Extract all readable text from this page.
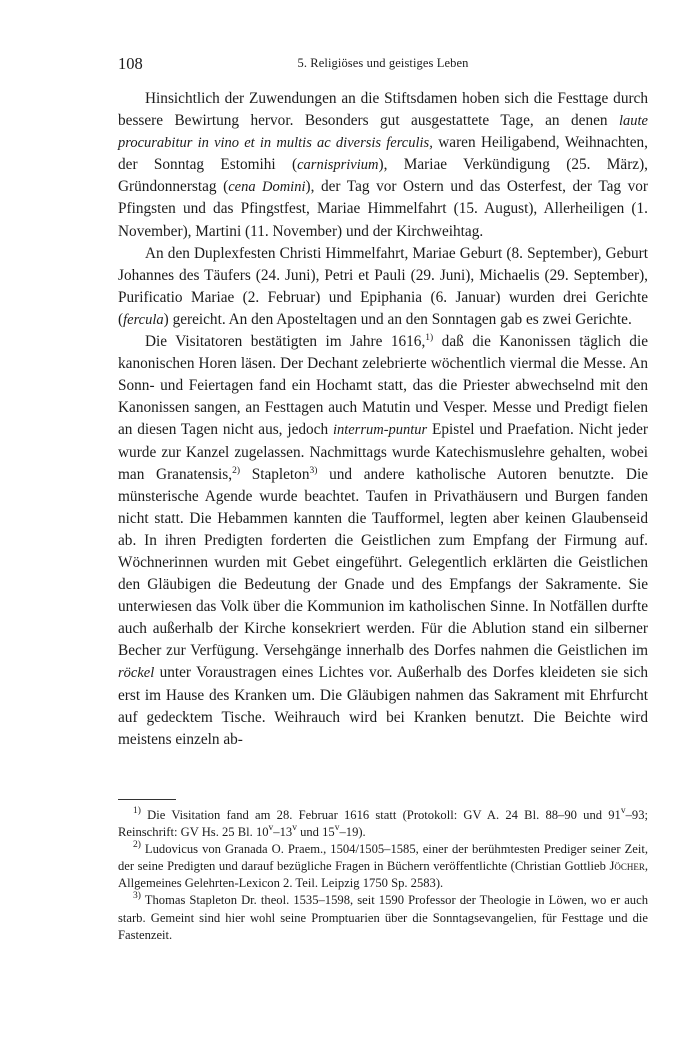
108	5. Religiöses und geistiges Leben

Hinsichtlich der Zuwendungen an die Stiftsdamen hoben sich die Festtage durch bessere Bewirtung hervor. Besonders gut ausgestattete Tage, an denen laute procurabitur in vino et in multis ac diversis ferculis, waren Heiligabend, Weihnachten, der Sonntag Estomihi (carnisprivium), Mariae Verkündigung (25. März), Gründonnerstag (cena Domini), der Tag vor Ostern und das Osterfest, der Tag vor Pfingsten und das Pfingstfest, Mariae Himmelfahrt (15. August), Allerheiligen (1. November), Martini (11. November) und der Kirchweihtag.

An den Duplexfesten Christi Himmelfahrt, Mariae Geburt (8. September), Geburt Johannes des Täufers (24. Juni), Petri et Pauli (29. Juni), Michaelis (29. September), Purificatio Mariae (2. Februar) und Epiphania (6. Januar) wurden drei Gerichte (fercula) gereicht. An den Aposteltagen und an den Sonntagen gab es zwei Gerichte.

Die Visitatoren bestätigten im Jahre 1616,$^{1)}$ daß die Kanonissen täglich die kanonischen Horen läsen. Der Dechant zelebrierte wöchentlich viermal die Messe. An Sonn- und Feiertagen fand ein Hochamt statt, das die Priester abwechselnd mit den Kanonissen sangen, an Festtagen auch Matutin und Vesper. Messe und Predigt fielen an diesen Tagen nicht aus, jedoch interrum-puntur Epistel und Praefation. Nicht jeder wurde zur Kanzel zugelassen. Nachmittags wurde Katechismuslehre gehalten, wobei man Granatensis,$^{2)}$ Stapleton$^{3)}$ und andere katholische Autoren benutzte. Die münsterische Agende wurde beachtet. Taufen in Privathäusern und Burgen fanden nicht statt. Die Hebammen kannten die Taufformel, legten aber keinen Glaubenseid ab. In ihren Predigten forderten die Geistlichen zum Empfang der Firmung auf. Wöchnerinnen wurden mit Gebet eingeführt. Gelegentlich erklärten die Geistlichen den Gläubigen die Bedeutung der Gnade und des Empfangs der Sakramente. Sie unterwiesen das Volk über die Kommunion im katholischen Sinne. In Notfällen durfte auch außerhalb der Kirche konsekriert werden. Für die Ablution stand ein silberner Becher zur Verfügung. Versehgänge innerhalb des Dorfes nahmen die Geistlichen im röckel unter Voraustragen eines Lichtes vor. Außerhalb des Dorfes kleideten sie sich erst im Hause des Kranken um. Die Gläubigen nahmen das Sakrament mit Ehrfurcht auf gedecktem Tische. Weihrauch wird bei Kranken benutzt. Die Beichte wird meistens einzeln ab-

$^{1)}$ Die Visitation fand am 28. Februar 1616 statt (Protokoll: GV A. 24 Bl. 88–90 und 91$^v$–93; Reinschrift: GV Hs. 25 Bl. 10$^v$–13$^v$ und 15$^v$–19).

$^{2)}$ Ludovicus von Granada O. Praem., 1504/1505–1585, einer der berühmtesten Prediger seiner Zeit, der seine Predigten und darauf bezügliche Fragen in Büchern veröffentlichte (Christian Gottlieb Jöcher, Allgemeines Gelehrten-Lexicon 2. Teil. Leipzig 1750 Sp. 2583).

$^{3)}$ Thomas Stapleton Dr. theol. 1535–1598, seit 1590 Professor der Theologie in Löwen, wo er auch starb. Gemeint sind hier wohl seine Promptuarien über die Sonntagsevangelien, für Festtage und die Fastenzeit.
